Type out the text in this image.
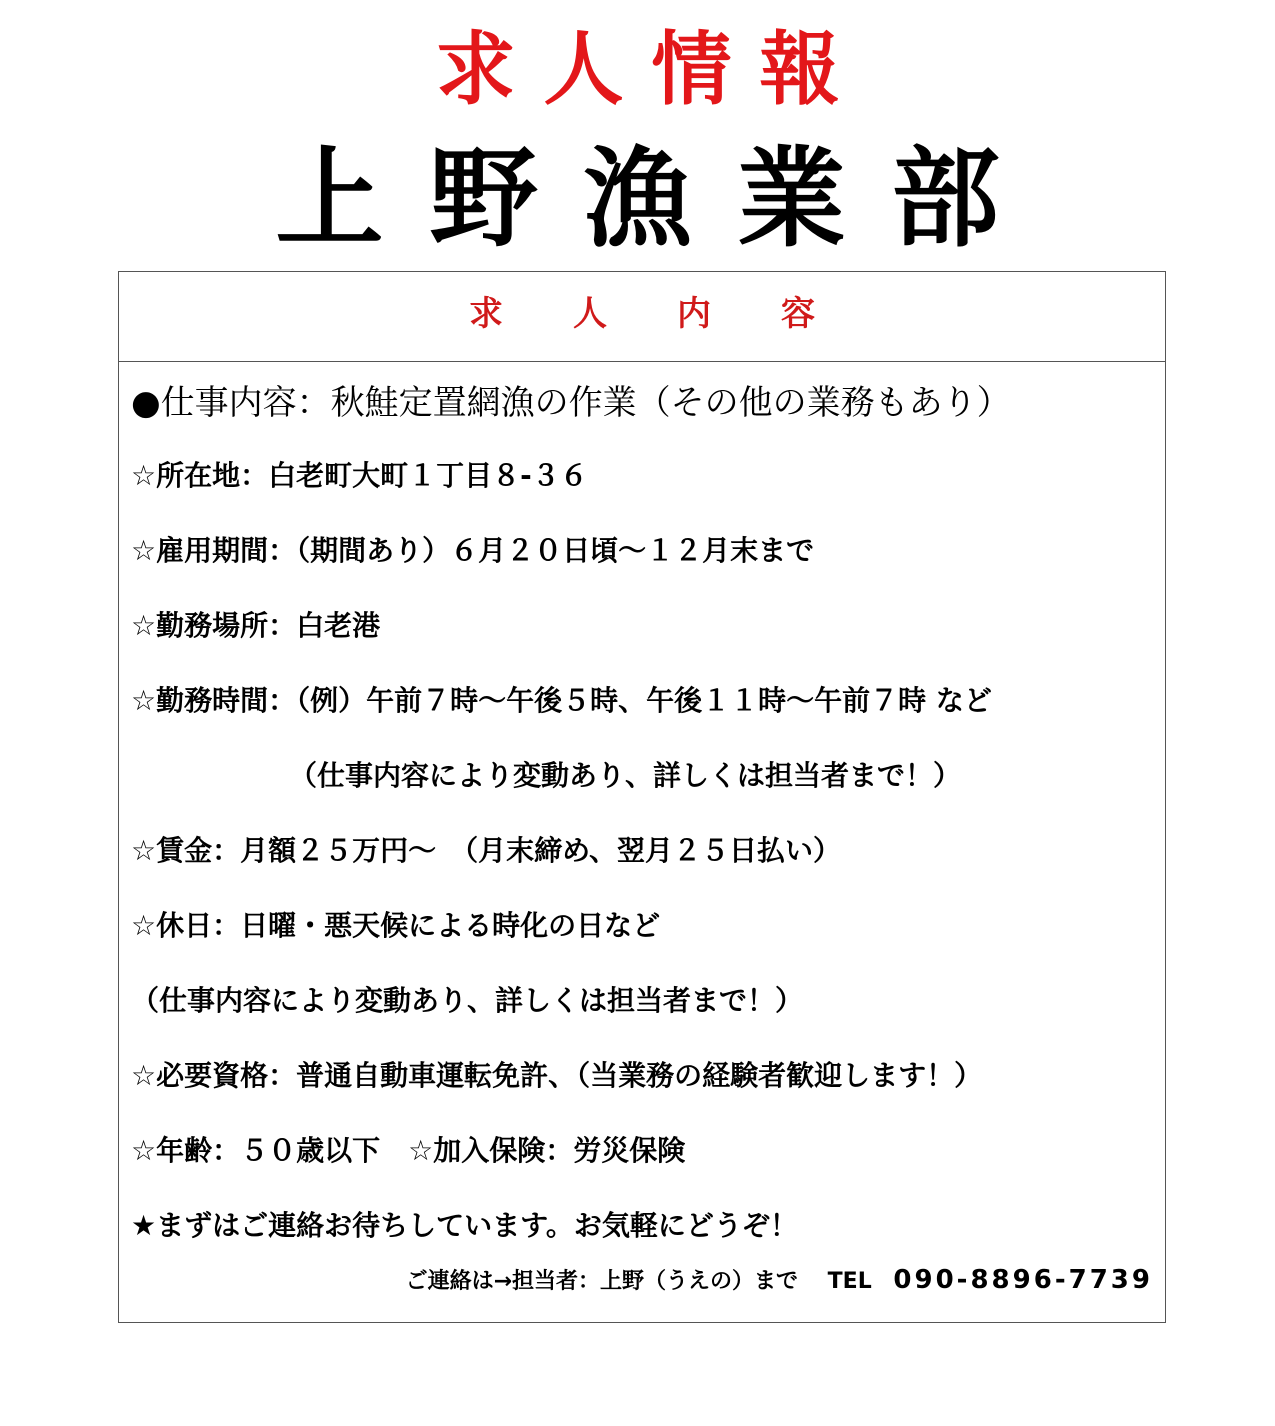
求人情報
上野漁業部
求人内容
●仕事内容：秋鮭定置網漁の作業（その他の業務もあり）
☆所在地：白老町大町１丁目８-３６
☆雇用期間：（期間あり）６月２０日頃～１２月末まで
☆勤務場所：白老港
☆勤務時間：（例）午前７時～午後５時、午後１１時～午前７時 など
（仕事内容により変動あり、詳しくは担当者まで！）
☆賃金：月額２５万円～　（月末締め、翌月２５日払い）
☆休日：日曜・悪天候による時化の日など
（仕事内容により変動あり、詳しくは担当者まで！）
☆必要資格：普通自動車運転免許、（当業務の経験者歓迎します！）
☆年齢：５０歳以下　☆加入保険：労災保険
★まずはご連絡お待ちしています。お気軽にどうぞ！
ご連絡は→担当者：上野（うえの）まで TEL 090-8896-7739
